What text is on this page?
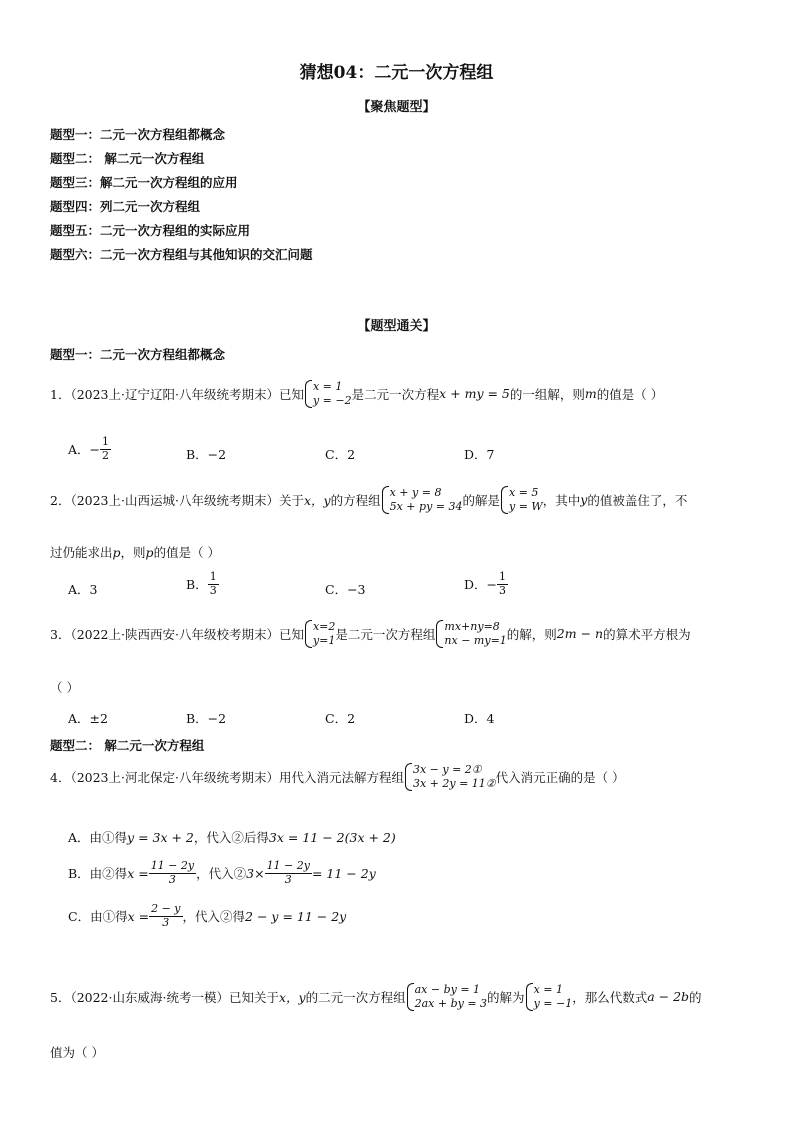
猜想04：二元一次方程组
【聚焦题型】
题型一：二元一次方程组都概念
题型二： 解二元一次方程组
题型三：解二元一次方程组的应用
题型四：列二元一次方程组
题型五：二元一次方程组的实际应用
题型六：二元一次方程组与其他知识的交汇问题
【题型通关】
题型一：二元一次方程组都概念
1．（2023上·辽宁辽阳·八年级统考期末）已知
x = 1
y = −2 是二元一次方程 x + my = 5 的一组解，则 m 的值是（ ）
A．− $\frac{1}{2}$	B．−2	C．2	D．7
2．（2023上·山西运城·八年级统考期末）关于 x，y 的方程组
x + y = 8
5x + py = 34 的解是
x = 5
y = W ，其中 y 的值被盖住了，不
过仍能求出p，则p的值是（ ）
A．3	B． $\frac{1}{3}$	C．−3	D．− $\frac{1}{3}$
3．（2022上·陕西西安·八年级校考期末）已知
x=2
y=1 是二元一次方程组
mx+ny=8
nx − my=1 的解，则 2m − n 的算术平方根为
（ ）
A．±2	B．−2	C．2	D．4
题型二： 解二元一次方程组
4．（2023上·河北保定·八年级统考期末）用代入消元法解方程组
3x − y = 2①
3x + 2y = 11② 代入消元正确的是（ ）
A．由①得y = 3x + 2，代入②后得3x = 11 − 2(3x + 2)
B．由②得 $x = \frac{11 - 2y}{3}$ ，代入② $3\times \frac{11 - 2y}{3} = 11 - 2y$
C．由①得 $x = \frac{2 - y}{3}$ ，代入②得 2 − y = 11 − 2y
5．（2022·山东威海·统考一模）已知关于 x，y 的二元一次方程组
ax − by = 1
2ax + by = 3 的解为
x = 1
y = −1 ，那么代数式 a − 2b 的
值为（ ）
